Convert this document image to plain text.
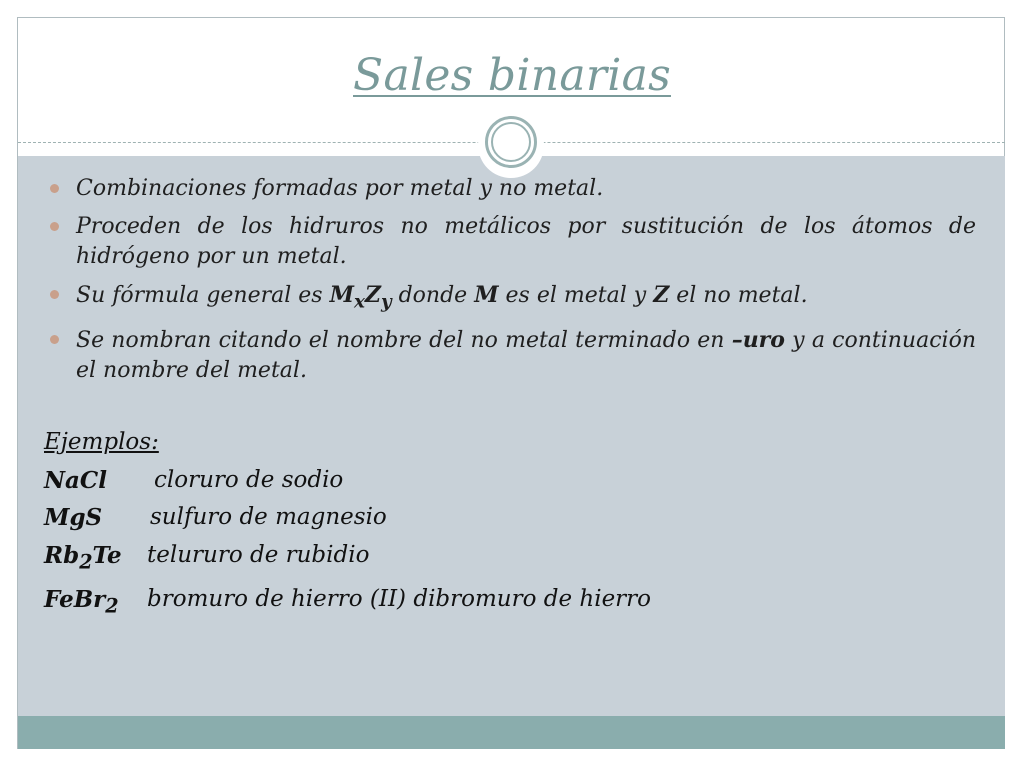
Sales binarias
Combinaciones formadas por metal y no metal.
Proceden de los hidruros no metálicos por sustitución de los átomos de hidrógeno por un metal.
Su fórmula general es $M_xZ_y$ donde M es el metal y Z el no metal.
Se nombran citando el nombre del no metal terminado en –uro y a continuación el nombre del metal.
Ejemplos:
NaCl	cloruro de sodio
MgS	sulfuro de magnesio
$Rb_2Te$	telururo de rubidio
FeBr$_2$	bromuro de hierro (II) dibromuro de hierro
